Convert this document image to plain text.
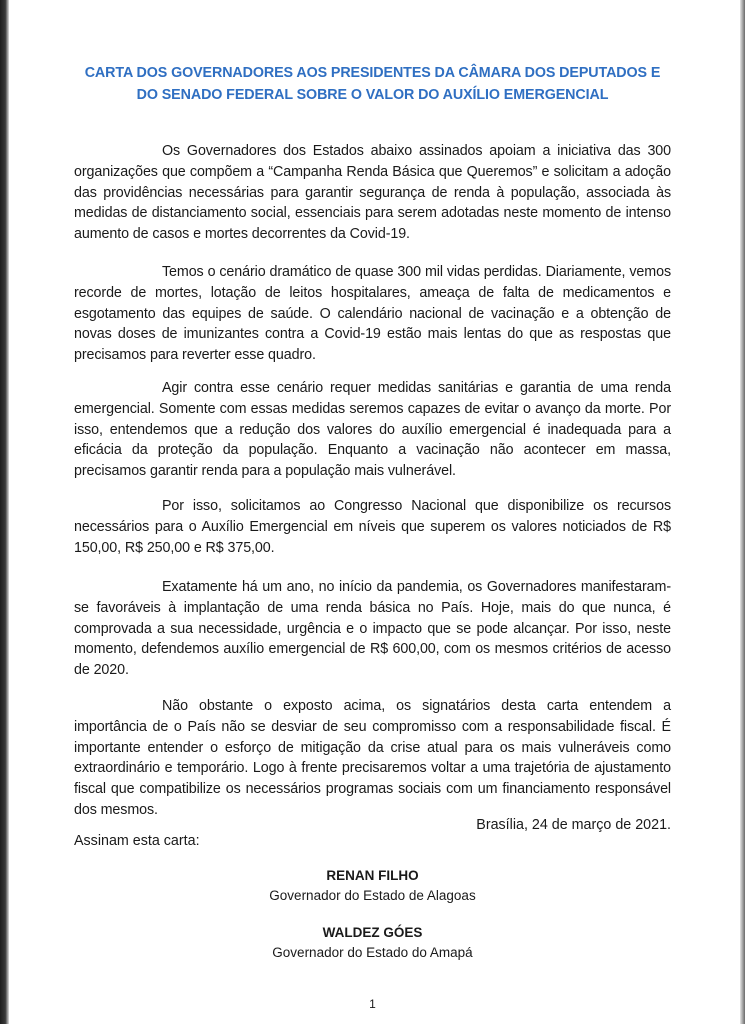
CARTA DOS GOVERNADORES AOS PRESIDENTES DA CÂMARA DOS DEPUTADOS E
DO SENADO FEDERAL SOBRE O VALOR DO AUXÍLIO EMERGENCIAL

Os Governadores dos Estados abaixo assinados apoiam a iniciativa das 300 organizações que compõem a “Campanha Renda Básica que Queremos” e solicitam a adoção das providências necessárias para garantir segurança de renda à população, associada às medidas de distanciamento social, essenciais para serem adotadas neste momento de intenso aumento de casos e mortes decorrentes da Covid-19.

Temos o cenário dramático de quase 300 mil vidas perdidas. Diariamente, vemos recorde de mortes, lotação de leitos hospitalares, ameaça de falta de medicamentos e esgotamento das equipes de saúde. O calendário nacional de vacinação e a obtenção de novas doses de imunizantes contra a Covid-19 estão mais lentas do que as respostas que precisamos para reverter esse quadro.

Agir contra esse cenário requer medidas sanitárias e garantia de uma renda emergencial. Somente com essas medidas seremos capazes de evitar o avanço da morte. Por isso, entendemos que a redução dos valores do auxílio emergencial é inadequada para a eficácia da proteção da população. Enquanto a vacinação não acontecer em massa, precisamos garantir renda para a população mais vulnerável.

Por isso, solicitamos ao Congresso Nacional que disponibilize os recursos necessários para o Auxílio Emergencial em níveis que superem os valores noticiados de R$ 150,00, R$ 250,00 e R$ 375,00.

Exatamente há um ano, no início da pandemia, os Governadores manifestaram-se favoráveis à implantação de uma renda básica no País. Hoje, mais do que nunca, é comprovada a sua necessidade, urgência e o impacto que se pode alcançar. Por isso, neste momento, defendemos auxílio emergencial de R$ 600,00, com os mesmos critérios de acesso de 2020.

Não obstante o exposto acima, os signatários desta carta entendem a importância de o País não se desviar de seu compromisso com a responsabilidade fiscal. É importante entender o esforço de mitigação da crise atual para os mais vulneráveis como extraordinário e temporário. Logo à frente precisaremos voltar a uma trajetória de ajustamento fiscal que compatibilize os necessários programas sociais com um financiamento responsável dos mesmos.

Brasília, 24 de março de 2021.

Assinam esta carta:

RENAN FILHO
Governador do Estado de Alagoas
WALDEZ GÓES
Governador do Estado do Amapá
1
